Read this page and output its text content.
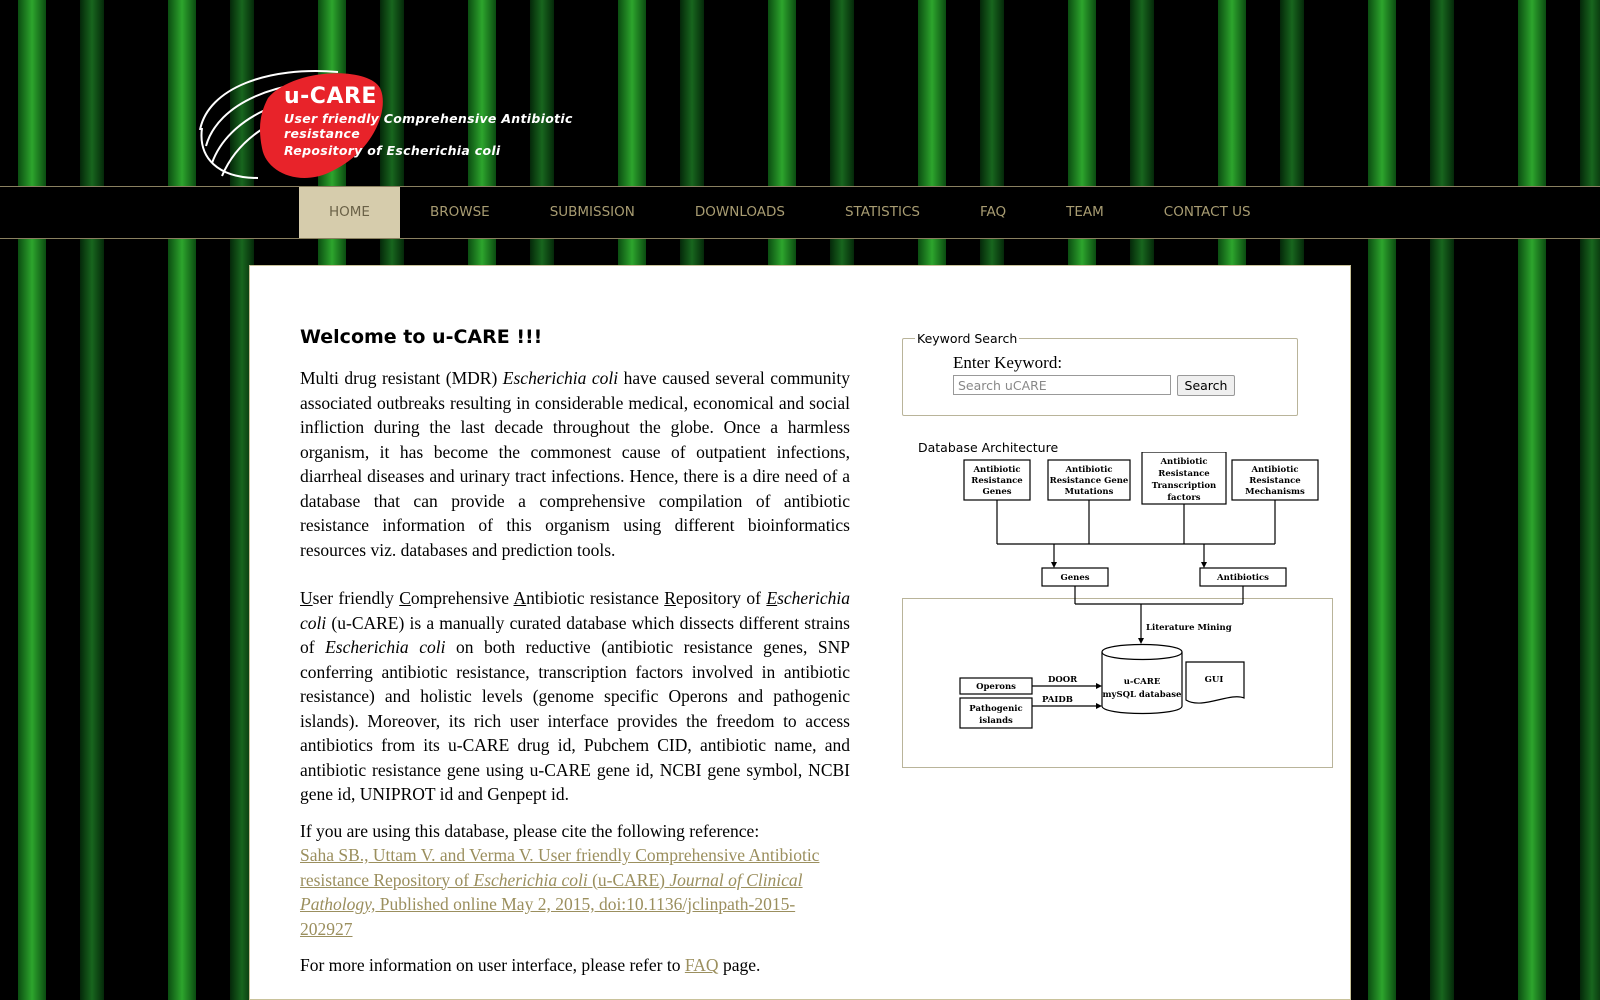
u-CARE
User friendly Comprehensive Antibiotic resistance
Repository of Escherichia coli
HOME	BROWSE	SUBMISSION	DOWNLOADS	STATISTICS	FAQ	TEAM	CONTACT US
Welcome to u-CARE !!!

Multi drug resistant (MDR) Escherichia coli have caused several community associated outbreaks resulting in considerable medical, economical and social infliction during the last decade throughout the globe. Once a harmless organism, it has become the commonest cause of outpatient infections, diarrheal diseases and urinary tract infections. Hence, there is a dire need of a database that can provide a comprehensive compilation of antibiotic resistance information of this organism using different bioinformatics resources viz. databases and prediction tools.

User friendly Comprehensive Antibiotic resistance Repository of Escherichia coli (u-CARE) is a manually curated database which dissects different strains of Escherichia coli on both reductive (antibiotic resistance genes, SNP conferring antibiotic resistance, transcription factors involved in antibiotic resistance) and holistic levels (genome specific Operons and pathogenic islands). Moreover, its rich user interface provides the freedom to access antibiotics from its u-CARE drug id, Pubchem CID, antibiotic name, and antibiotic resistance gene using u-CARE gene id, NCBI gene symbol, NCBI gene id, UNIPROT id and Genpept id.

If you are using this database, please cite the following reference:

Saha SB., Uttam V. and Verma V. User friendly Comprehensive Antibiotic resistance Repository of Escherichia coli (u-CARE) Journal of Clinical Pathology, Published online May 2, 2015, doi:10.1136/jclinpath-2015-202927

For more information on user interface, please refer to FAQ page.

Keyword Search
Enter Keyword:
Search uCARE
Search
Database Architecture
Antibiotic
Resistance
Genes
Antibiotic
Resistance Gene
Mutations
Antibiotic
Resistance
Transcription
factors
Antibiotic
Resistance
Mechanisms
Genes	Antibiotics
Operons
Pathogenic
islands
u-CARE
mySQL database
GUI
Literature Mining
DOOR
PAIDB
